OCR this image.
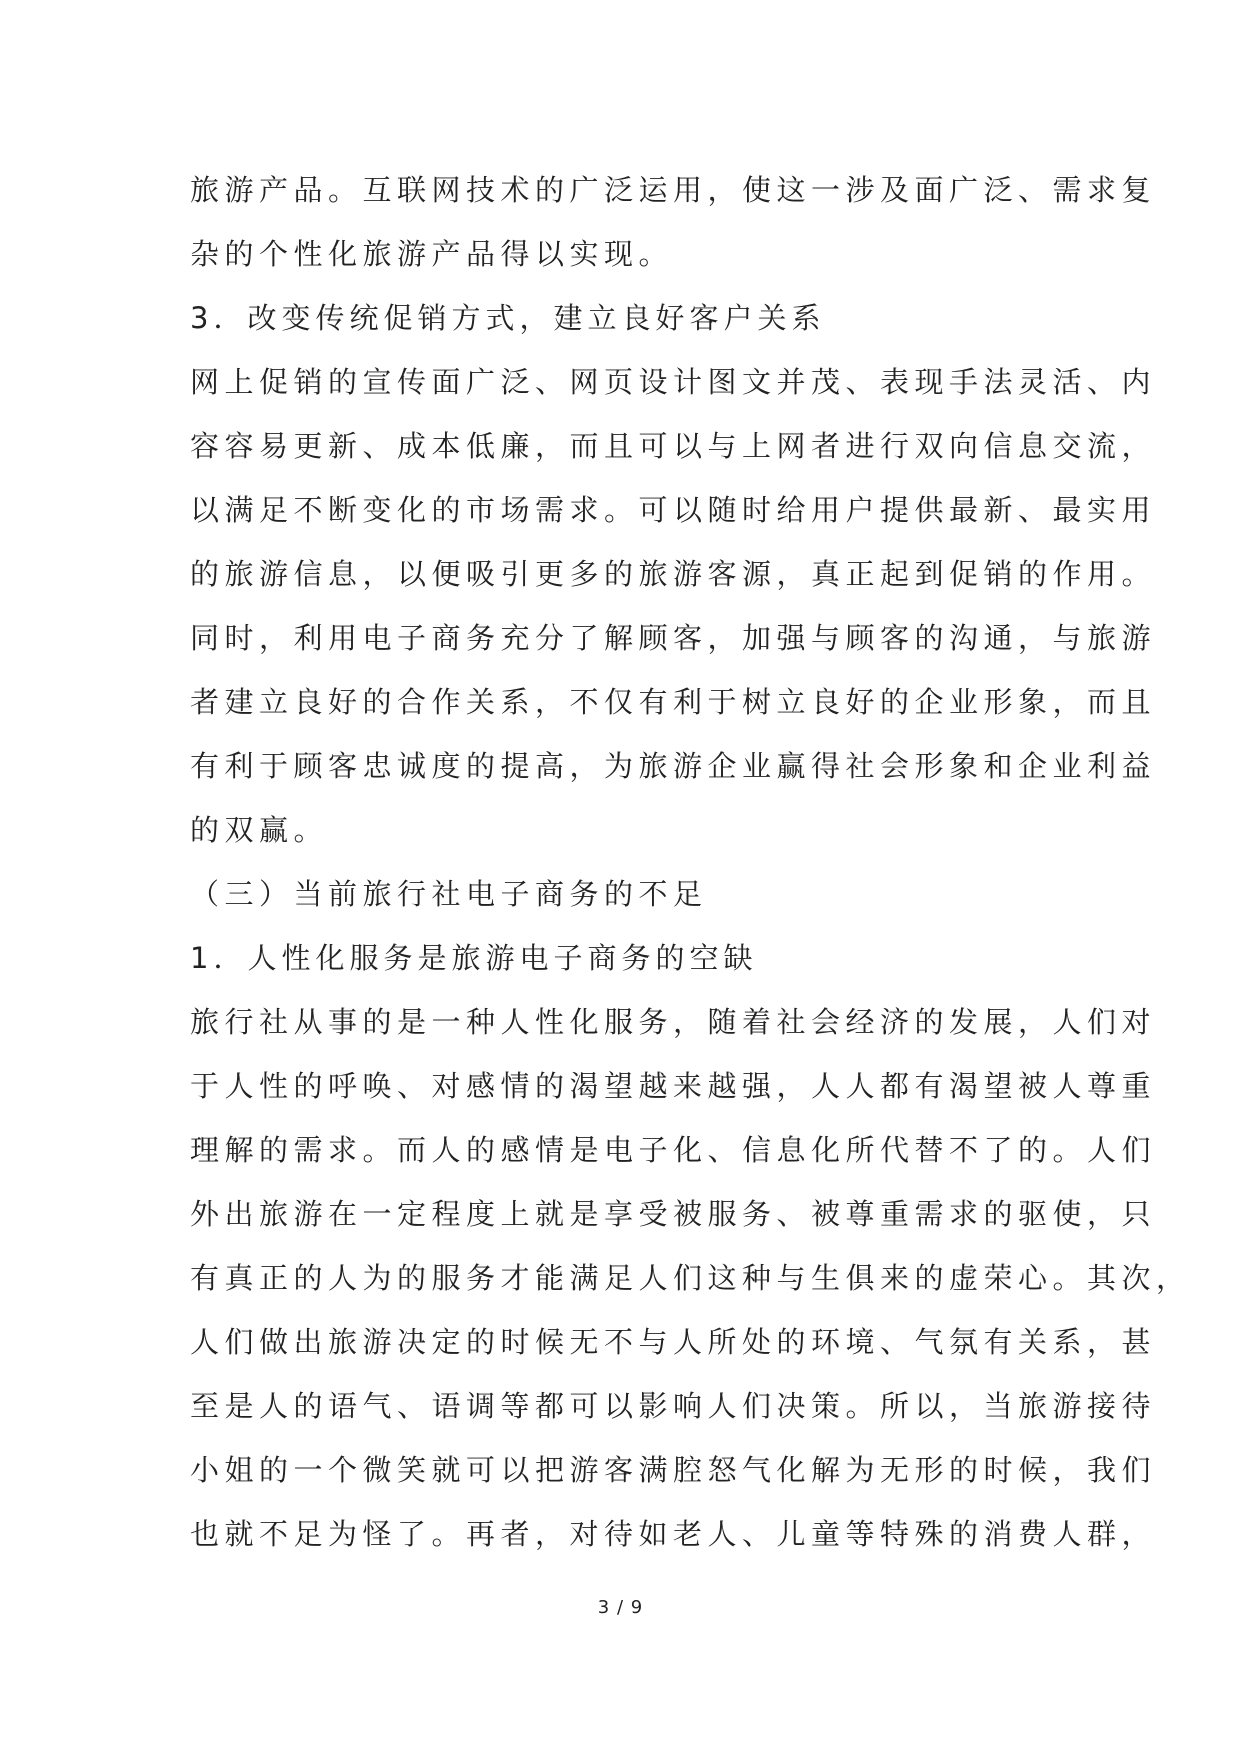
旅游产品。互联网技术的广泛运用，使这一涉及面广泛、需求复
杂的个性化旅游产品得以实现。
3．改变传统促销方式，建立良好客户关系
网上促销的宣传面广泛、网页设计图文并茂、表现手法灵活、内
容容易更新、成本低廉，而且可以与上网者进行双向信息交流，
以满足不断变化的市场需求。可以随时给用户提供最新、最实用
的旅游信息，以便吸引更多的旅游客源，真正起到促销的作用。
同时，利用电子商务充分了解顾客，加强与顾客的沟通，与旅游
者建立良好的合作关系，不仅有利于树立良好的企业形象，而且
有利于顾客忠诚度的提高，为旅游企业赢得社会形象和企业利益
的双赢。
（三）当前旅行社电子商务的不足
1．人性化服务是旅游电子商务的空缺
旅行社从事的是一种人性化服务，随着社会经济的发展，人们对
于人性的呼唤、对感情的渴望越来越强，人人都有渴望被人尊重
理解的需求。而人的感情是电子化、信息化所代替不了的。人们
外出旅游在一定程度上就是享受被服务、被尊重需求的驱使，只
有真正的人为的服务才能满足人们这种与生俱来的虚荣心。其次，
人们做出旅游决定的时候无不与人所处的环境、气氛有关系，甚
至是人的语气、语调等都可以影响人们决策。所以，当旅游接待
小姐的一个微笑就可以把游客满腔怒气化解为无形的时候，我们
也就不足为怪了。再者，对待如老人、儿童等特殊的消费人群，
3 / 9
